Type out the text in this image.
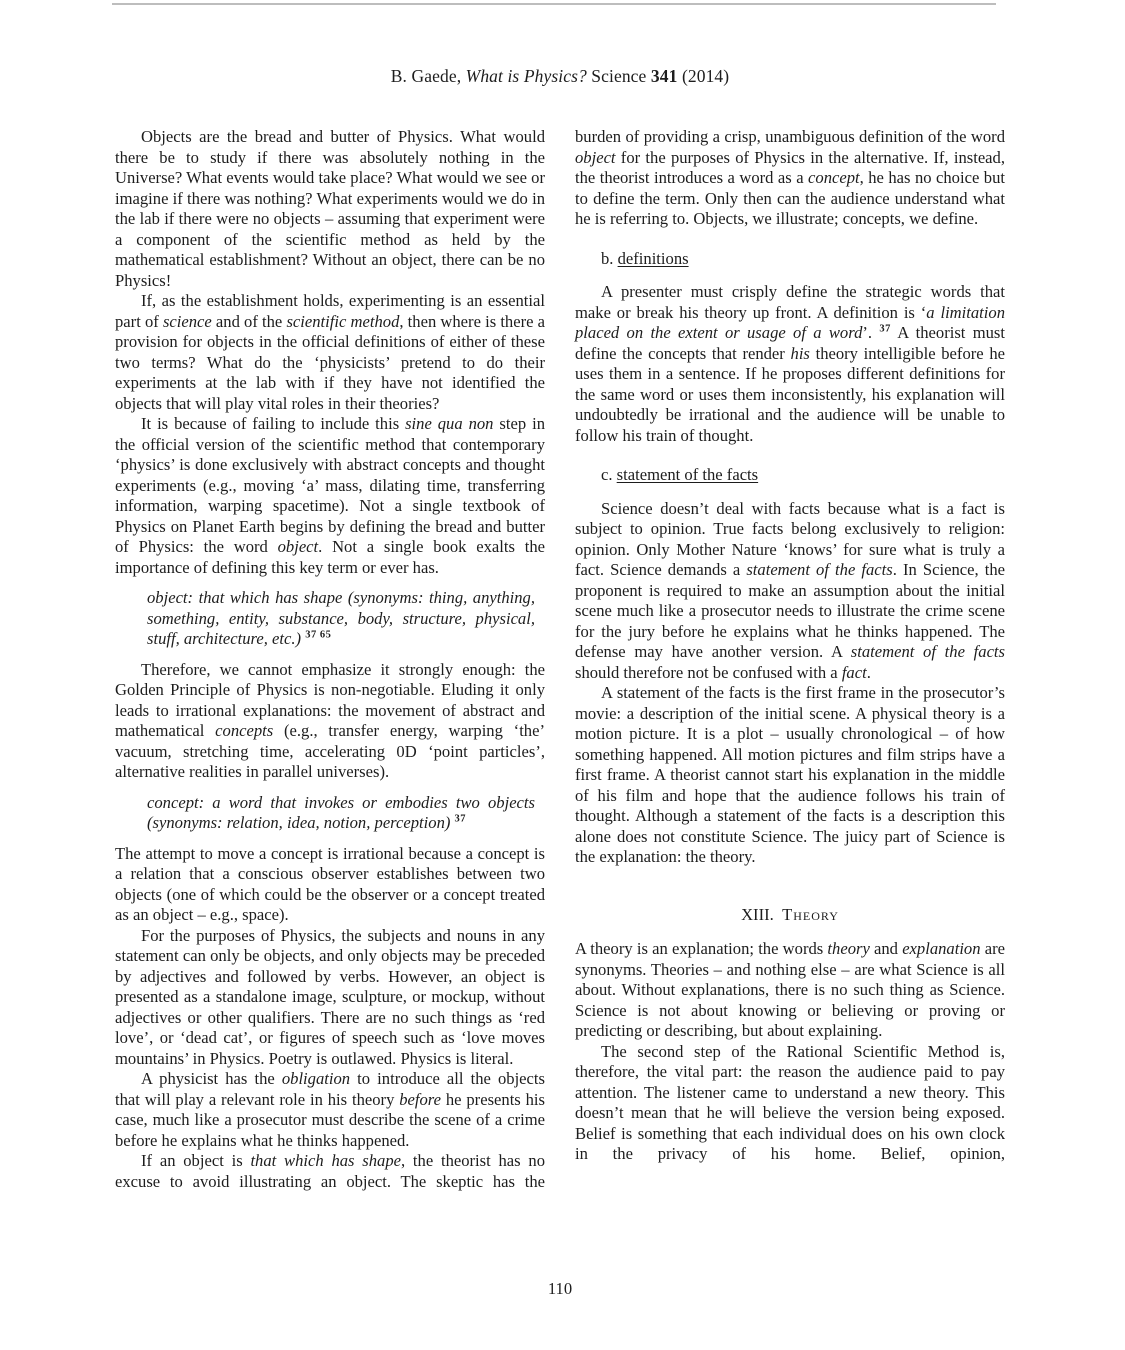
B. Gaede, What is Physics? Science 341 (2014)
Objects are the bread and butter of Physics. What would there be to study if there was absolutely nothing in the Universe? What events would take place? What would we see or imagine if there was nothing? What experiments would we do in the lab if there were no objects – assuming that experiment were a component of the scientific method as held by the mathematical establishment? Without an object, there can be no Physics!
If, as the establishment holds, experimenting is an essential part of science and of the scientific method, then where is there a provision for objects in the official definitions of either of these two terms? What do the ‘physicists’ pretend to do their experiments at the lab with if they have not identified the objects that will play vital roles in their theories?
It is because of failing to include this sine qua non step in the official version of the scientific method that contemporary ‘physics’ is done exclusively with abstract concepts and thought experiments (e.g., moving ‘a’ mass, dilating time, transferring information, warping spacetime). Not a single textbook of Physics on Planet Earth begins by defining the bread and butter of Physics: the word object. Not a single book exalts the importance of defining this key term or ever has.
object: that which has shape (synonyms: thing, anything, something, entity, substance, body, structure, physical, stuff, architecture, etc.) $^{37 65}$
Therefore, we cannot emphasize it strongly enough: the Golden Principle of Physics is non-negotiable. Eluding it only leads to irrational explanations: the movement of abstract and mathematical concepts (e.g., transfer energy, warping ‘the’ vacuum, stretching time, accelerating 0D ‘point particles’, alternative realities in parallel universes).
concept: a word that invokes or embodies two objects (synonyms: relation, idea, notion, perception) $^{37}$
The attempt to move a concept is irrational because a concept is a relation that a conscious observer establishes between two objects (one of which could be the observer or a concept treated as an object – e.g., space).
For the purposes of Physics, the subjects and nouns in any statement can only be objects, and only objects may be preceded by adjectives and followed by verbs. However, an object is presented as a standalone image, sculpture, or mockup, without adjectives or other qualifiers. There are no such things as ‘red love’, or ‘dead cat’, or figures of speech such as ‘love moves mountains’ in Physics. Poetry is outlawed. Physics is literal.
A physicist has the obligation to introduce all the objects that will play a relevant role in his theory before he presents his case, much like a prosecutor must describe the scene of a crime before he explains what he thinks happened.
If an object is that which has shape, the theorist has no excuse to avoid illustrating an object. The skeptic has the
burden of providing a crisp, unambiguous definition of the word object for the purposes of Physics in the alternative. If, instead, the theorist introduces a word as a concept, he has no choice but to define the term. Only then can the audience understand what he is referring to. Objects, we illustrate; concepts, we define.
b. definitions
A presenter must crisply define the strategic words that make or break his theory up front. A definition is ‘a limitation placed on the extent or usage of a word’. $^{37}$ A theorist must define the concepts that render his theory intelligible before he uses them in a sentence. If he proposes different definitions for the same word or uses them inconsistently, his explanation will undoubtedly be irrational and the audience will be unable to follow his train of thought.
c. statement of the facts
Science doesn’t deal with facts because what is a fact is subject to opinion. True facts belong exclusively to religion: opinion. Only Mother Nature ‘knows’ for sure what is truly a fact. Science demands a statement of the facts. In Science, the proponent is required to make an assumption about the initial scene much like a prosecutor needs to illustrate the crime scene for the jury before he explains what he thinks happened. The defense may have another version. A statement of the facts should therefore not be confused with a fact.
A statement of the facts is the first frame in the prosecutor’s movie: a description of the initial scene. A physical theory is a motion picture. It is a plot – usually chronological – of how something happened. All motion pictures and film strips have a first frame. A theorist cannot start his explanation in the middle of his film and hope that the audience follows his train of thought. Although a statement of the facts is a description this alone does not constitute Science. The juicy part of Science is the explanation: the theory.
XIII. Theory
A theory is an explanation; the words theory and explanation are synonyms. Theories – and nothing else – are what Science is all about. Without explanations, there is no such thing as Science. Science is not about knowing or believing or proving or predicting or describing, but about explaining.
The second step of the Rational Scientific Method is, therefore, the vital part: the reason the audience paid to pay attention. The listener came to understand a new theory. This doesn’t mean that he will believe the version being exposed. Belief is something that each individual does on his own clock in the privacy of his home. Belief, opinion,
110
